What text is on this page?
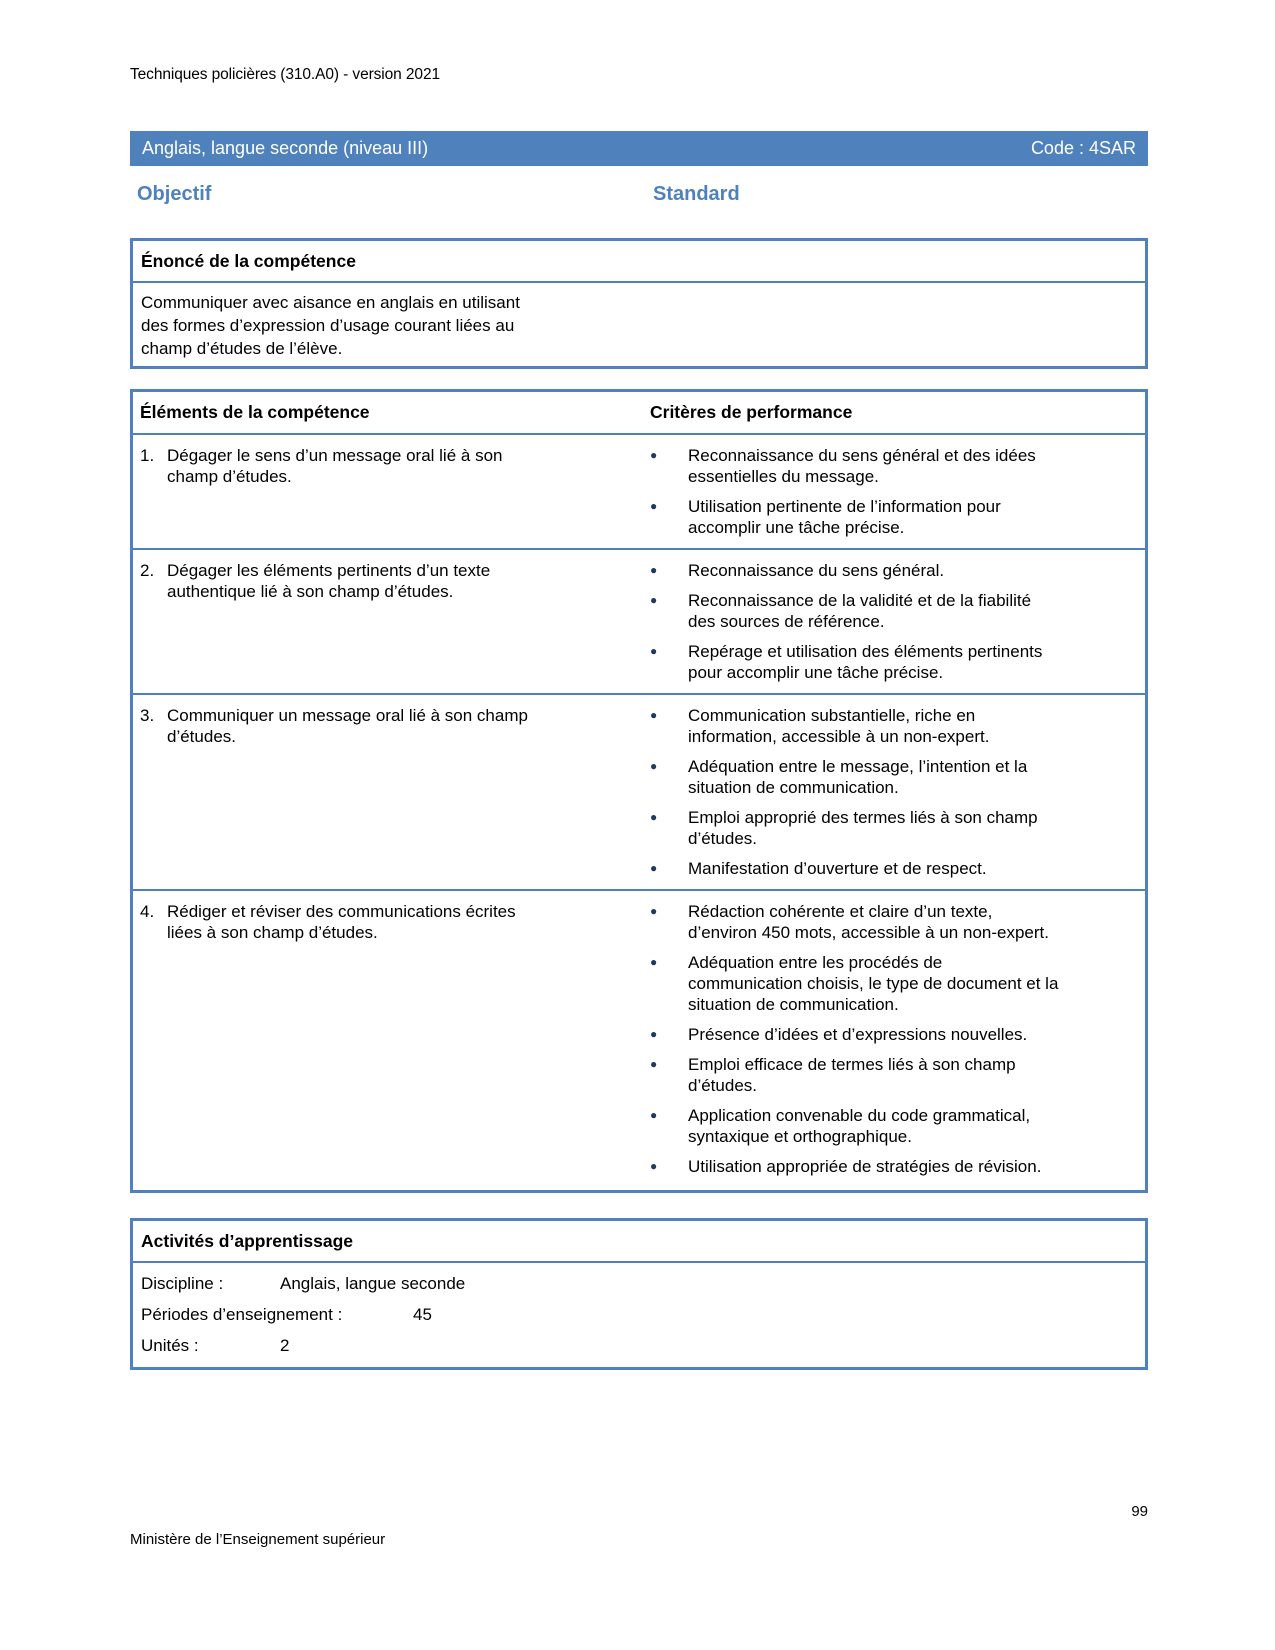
Techniques policières (310.A0) - version 2021
Anglais, langue seconde (niveau III)	Code : 4SAR
Objectif	Standard
Énoncé de la compétence
Communiquer avec aisance en anglais en utilisant
des formes d’expression d’usage courant liées au
champ d’études de l’élève.
Éléments de la compétence	Critères de performance
1. Dégager le sens d’un message oral lié à son
champ d’études.
●	Reconnaissance du sens général et des idées
essentielles du message.
●	Utilisation pertinente de l’information pour
accomplir une tâche précise.
2. Dégager les éléments pertinents d’un texte
authentique lié à son champ d’études.
●	Reconnaissance du sens général.
●	Reconnaissance de la validité et de la fiabilité
des sources de référence.
●	Repérage et utilisation des éléments pertinents
pour accomplir une tâche précise.
3. Communiquer un message oral lié à son champ
d’études.
●	Communication substantielle, riche en
information, accessible à un non-expert.
●	Adéquation entre le message, l’intention et la
situation de communication.
●	Emploi approprié des termes liés à son champ
d’études.
●	Manifestation d’ouverture et de respect.
4. Rédiger et réviser des communications écrites
liées à son champ d’études.
●	Rédaction cohérente et claire d’un texte,
d’environ 450 mots, accessible à un non-expert.
●	Adéquation entre les procédés de
communication choisis, le type de document et la
situation de communication.
●	Présence d’idées et d’expressions nouvelles.
●	Emploi efficace de termes liés à son champ
d’études.
●	Application convenable du code grammatical,
syntaxique et orthographique.
●	Utilisation appropriée de stratégies de révision.
Activités d’apprentissage
Discipline :	Anglais, langue seconde
Périodes d’enseignement :	45
Unités :	2
99
Ministère de l’Enseignement supérieur
